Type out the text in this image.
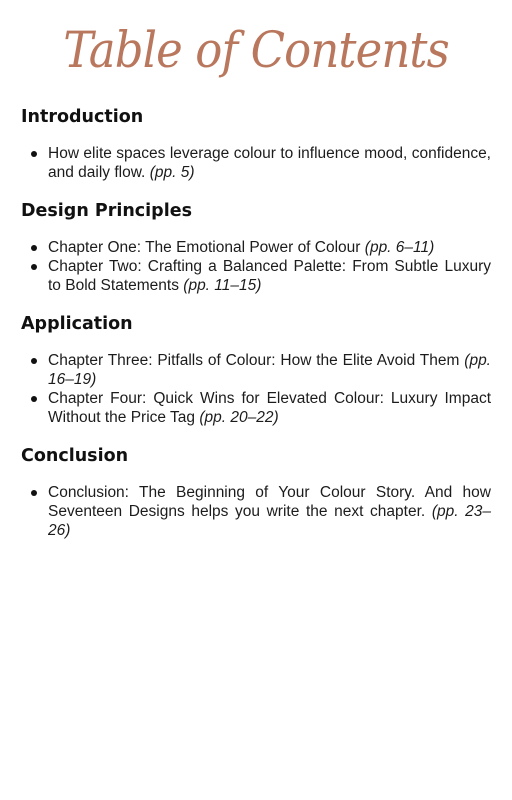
Table of Contents
Introduction
How elite spaces leverage colour to influence mood, confidence, and daily flow. (pp. 5)
Design Principles
Chapter One: The Emotional Power of Colour (pp. 6–11)
Chapter Two: Crafting a Balanced Palette: From Subtle Luxury to Bold Statements (pp. 11–15)
Application
Chapter Three: Pitfalls of Colour: How the Elite Avoid Them (pp. 16–19)
Chapter Four: Quick Wins for Elevated Colour: Luxury Impact Without the Price Tag (pp. 20–22)
Conclusion
Conclusion: The Beginning of Your Colour Story. And how Seventeen Designs helps you write the next chapter. (pp. 23–26)
